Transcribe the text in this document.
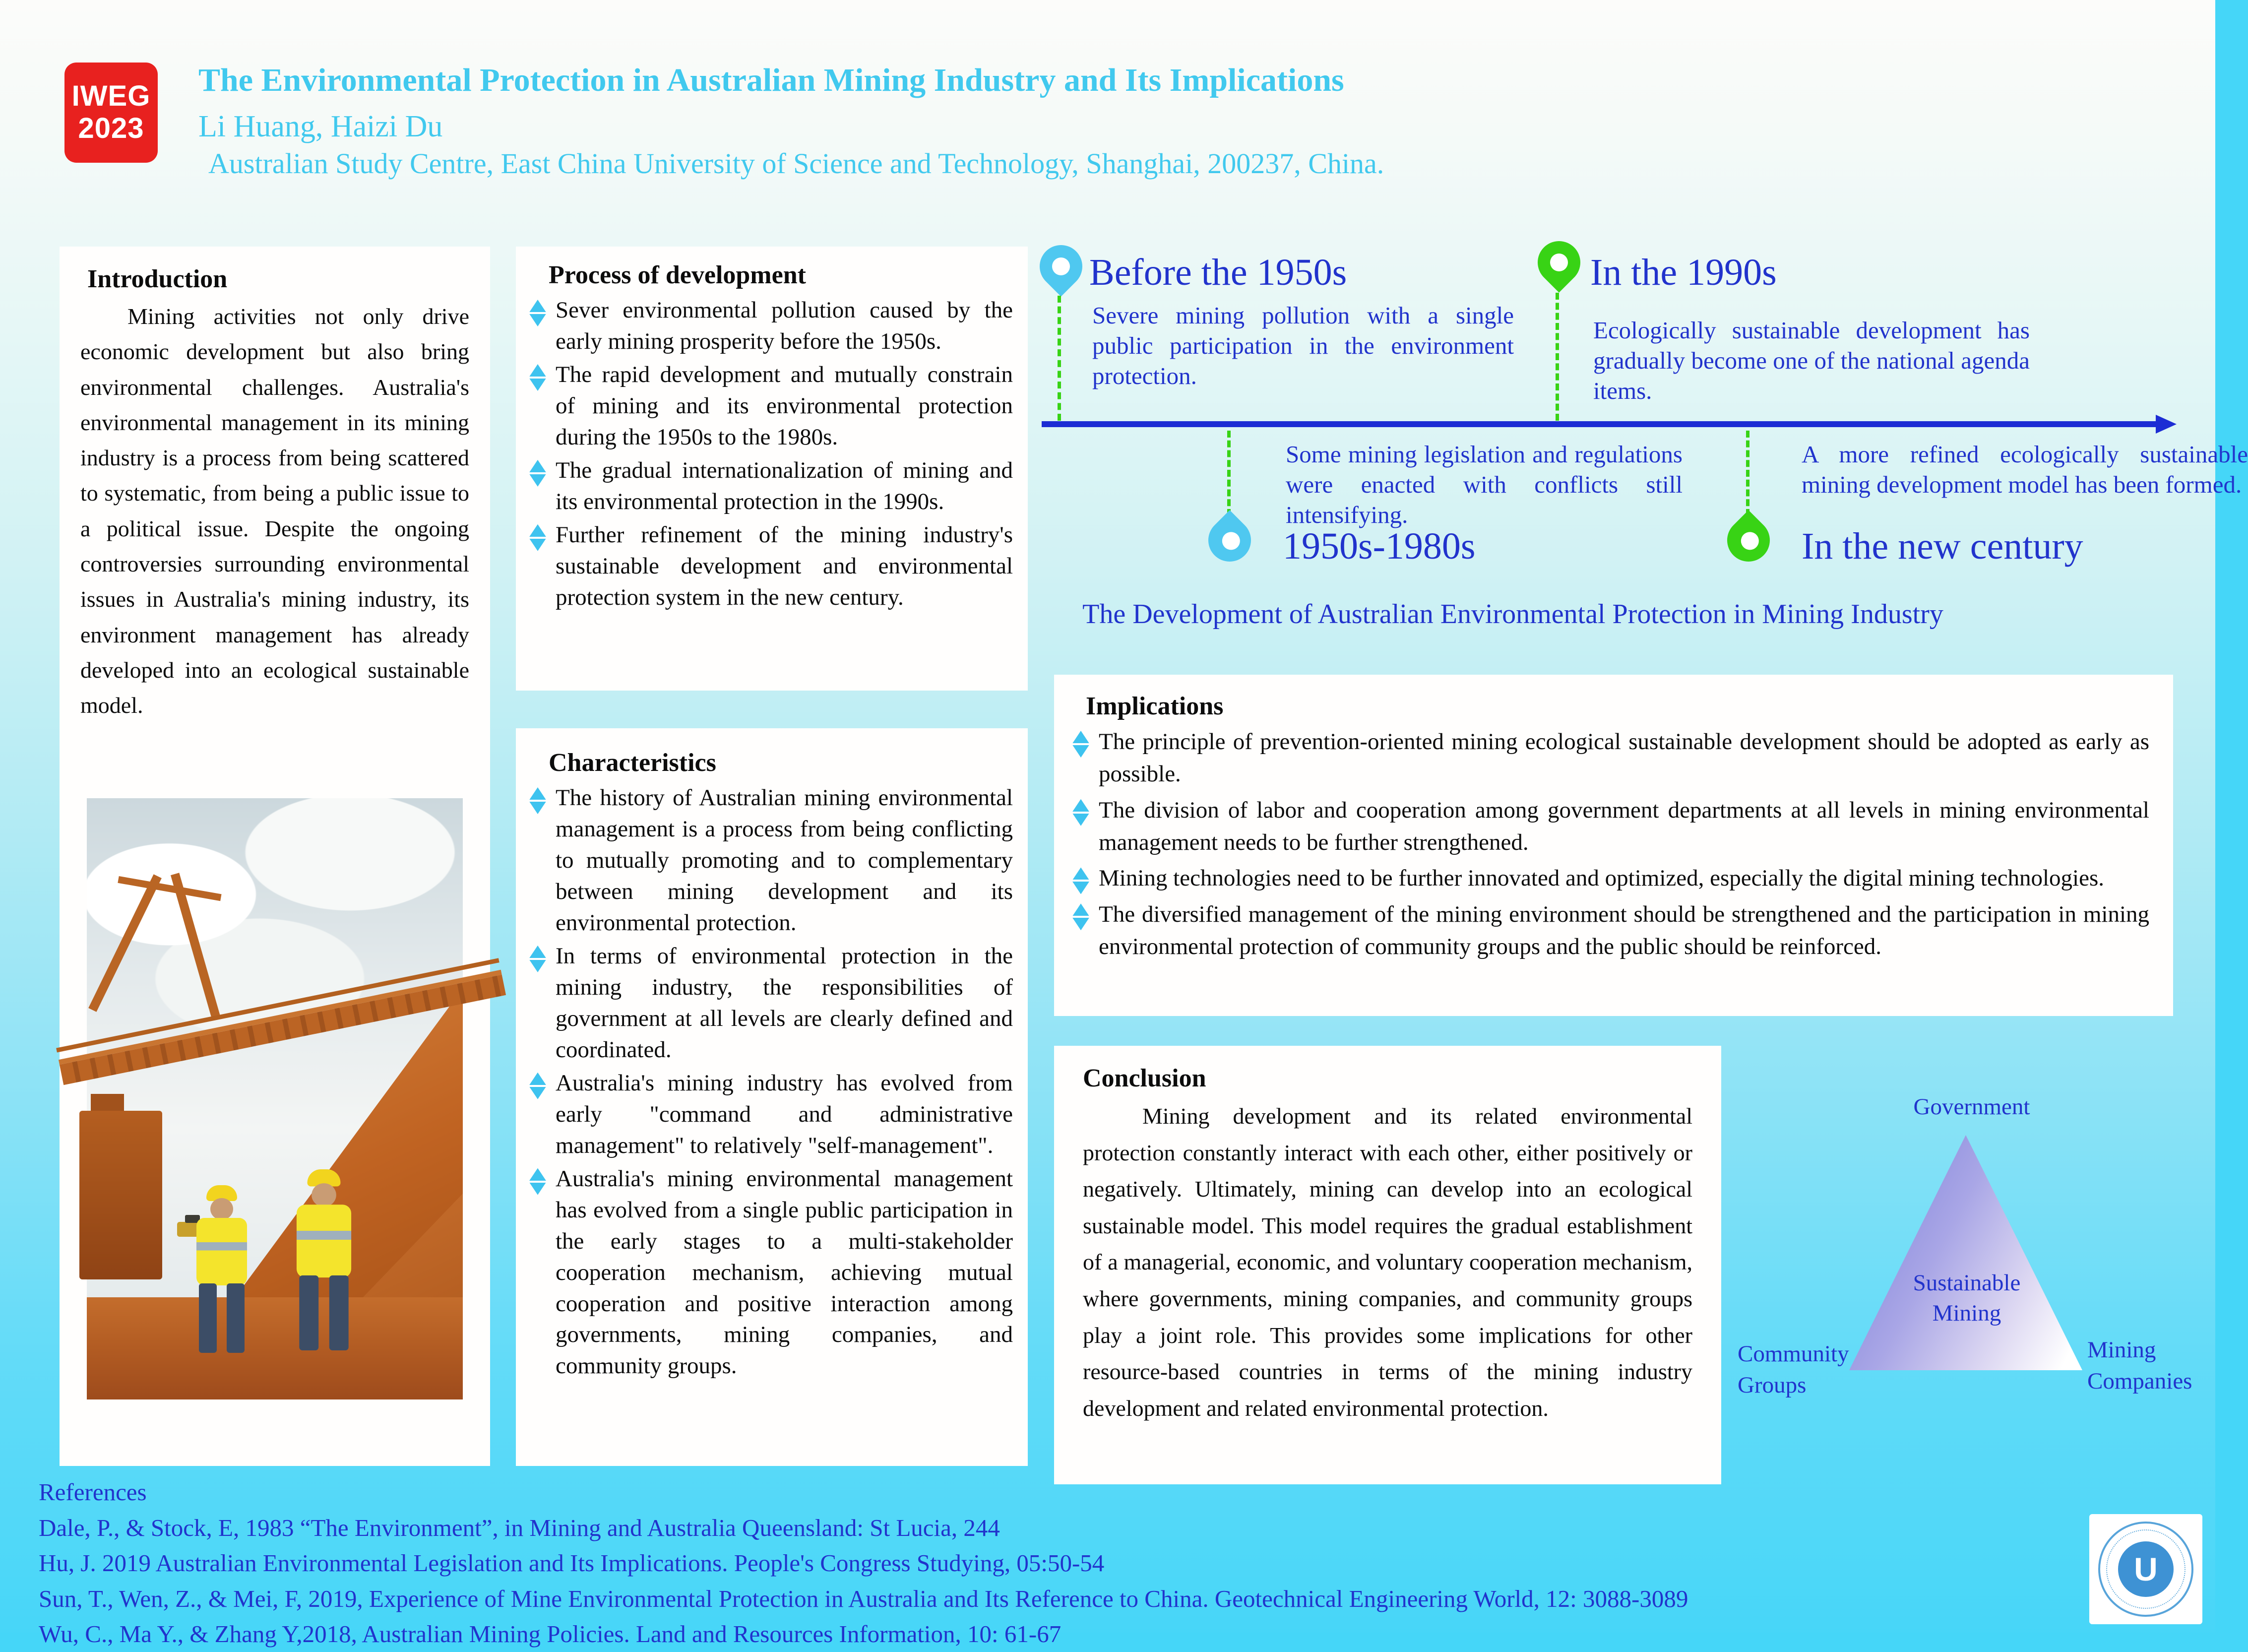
IWEG
2023
The Environmental Protection in Australian Mining Industry and Its Implications
Li Huang, Haizi Du
Australian Study Centre, East China University of Science and Technology, Shanghai, 200237, China.
Introduction
Mining activities not only drive economic development but also bring environmental challenges. Australia's environmental management in its mining industry is a process from being scattered to systematic, from being a public issue to a political issue. Despite the ongoing controversies surrounding environmental issues in Australia's mining industry, its environment management has already developed into an ecological sustainable model.
Process of development
Sever environmental pollution caused by the early mining prosperity before the 1950s.
The rapid development and mutually constrain of mining and its environmental protection during the 1950s to the 1980s.
The gradual internationalization of mining and its environmental protection in the 1990s.
Further refinement of the mining industry's sustainable development and environmental protection system in the new century.
Characteristics
The history of Australian mining environmental management is a process from being conflicting to mutually promoting and to complementary between mining development and its environmental protection.
In terms of environmental protection in the mining industry, the responsibilities of government at all levels are clearly defined and coordinated.
Australia's mining industry has evolved from early "command and administrative management" to relatively "self-management".
Australia's mining environmental management has evolved from a single public participation in the early stages to a multi-stakeholder cooperation mechanism, achieving mutual cooperation and positive interaction among governments, mining companies, and community groups.
Before the 1950s
Severe mining pollution with a single public participation in the environment protection.
In the 1990s
Ecologically sustainable development has gradually become one of the national agenda items.
Some mining legislation and regulations were enacted with conflicts still intensifying.
1950s-1980s
A more refined ecologically sustainable mining development model has been formed.
In the new century
The Development of Australian Environmental Protection in Mining Industry
Implications
The principle of prevention-oriented mining ecological sustainable development should be adopted as early as possible.
The division of labor and cooperation among government departments at all levels in mining environmental management needs to be further strengthened.
Mining technologies need to be further innovated and optimized, especially the digital mining technologies.
The diversified management of the mining environment should be strengthened and the participation in mining environmental protection of community groups and the public should be reinforced.
Conclusion
Mining development and its related environmental protection constantly interact with each other, either positively or negatively. Ultimately, mining can develop into an ecological sustainable model. This model requires the gradual establishment of a managerial, economic, and voluntary cooperation mechanism, where governments, mining companies, and community groups play a joint role. This provides some implications for other resource-based countries in terms of the mining industry development and related environmental protection.
Government
Sustainable Mining
Community Groups
Mining Companies
References
Dale, P., & Stock, E, 1983 “The Environment”, in Mining and Australia Queensland: St Lucia, 244
Hu, J. 2019 Australian Environmental Legislation and Its Implications. People's Congress Studying, 05:50-54
Sun, T., Wen, Z., & Mei, F, 2019, Experience of Mine Environmental Protection in Australia and Its Reference to China. Geotechnical Engineering World, 12: 3088-3089
Wu, C., Ma Y., & Zhang Y,2018, Australian Mining Policies. Land and Resources Information, 10: 61-67
U
